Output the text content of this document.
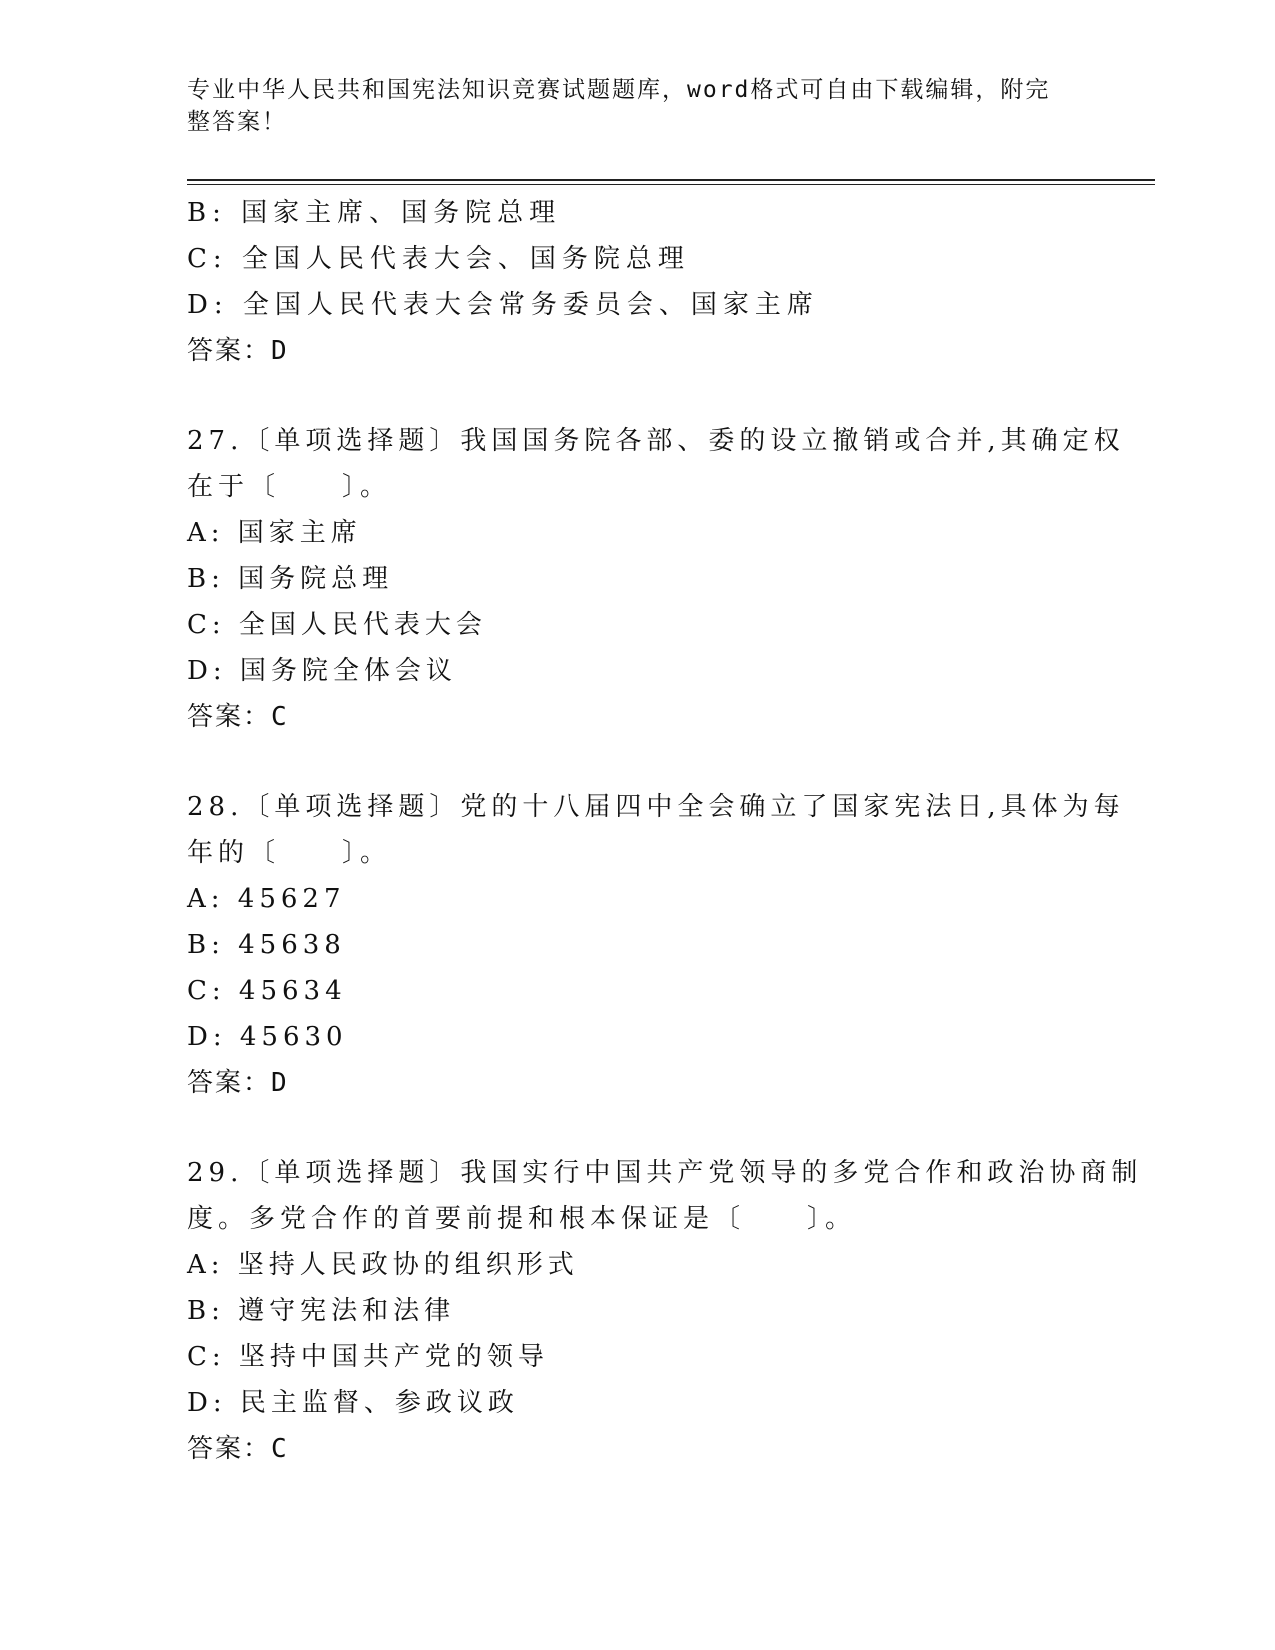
专业中华人民共和国宪法知识竞赛试题题库，word格式可自由下载编辑，附完整答案！
B: 国家主席、国务院总理
C: 全国人民代表大会、国务院总理
D: 全国人民代表大会常务委员会、国家主席
答案：D
27.〔单项选择题〕我国国务院各部、委的设立撤销或合并,其确定权
在于〔　　〕。
A: 国家主席
B: 国务院总理
C: 全国人民代表大会
D: 国务院全体会议
答案：C
28.〔单项选择题〕党的十八届四中全会确立了国家宪法日,具体为每
年的〔　　〕。
A: 45627
B: 45638
C: 45634
D: 45630
答案：D
29.〔单项选择题〕我国实行中国共产党领导的多党合作和政治协商制
度。多党合作的首要前提和根本保证是〔　　〕。
A: 坚持人民政协的组织形式
B: 遵守宪法和法律
C: 坚持中国共产党的领导
D: 民主监督、参政议政
答案：C
